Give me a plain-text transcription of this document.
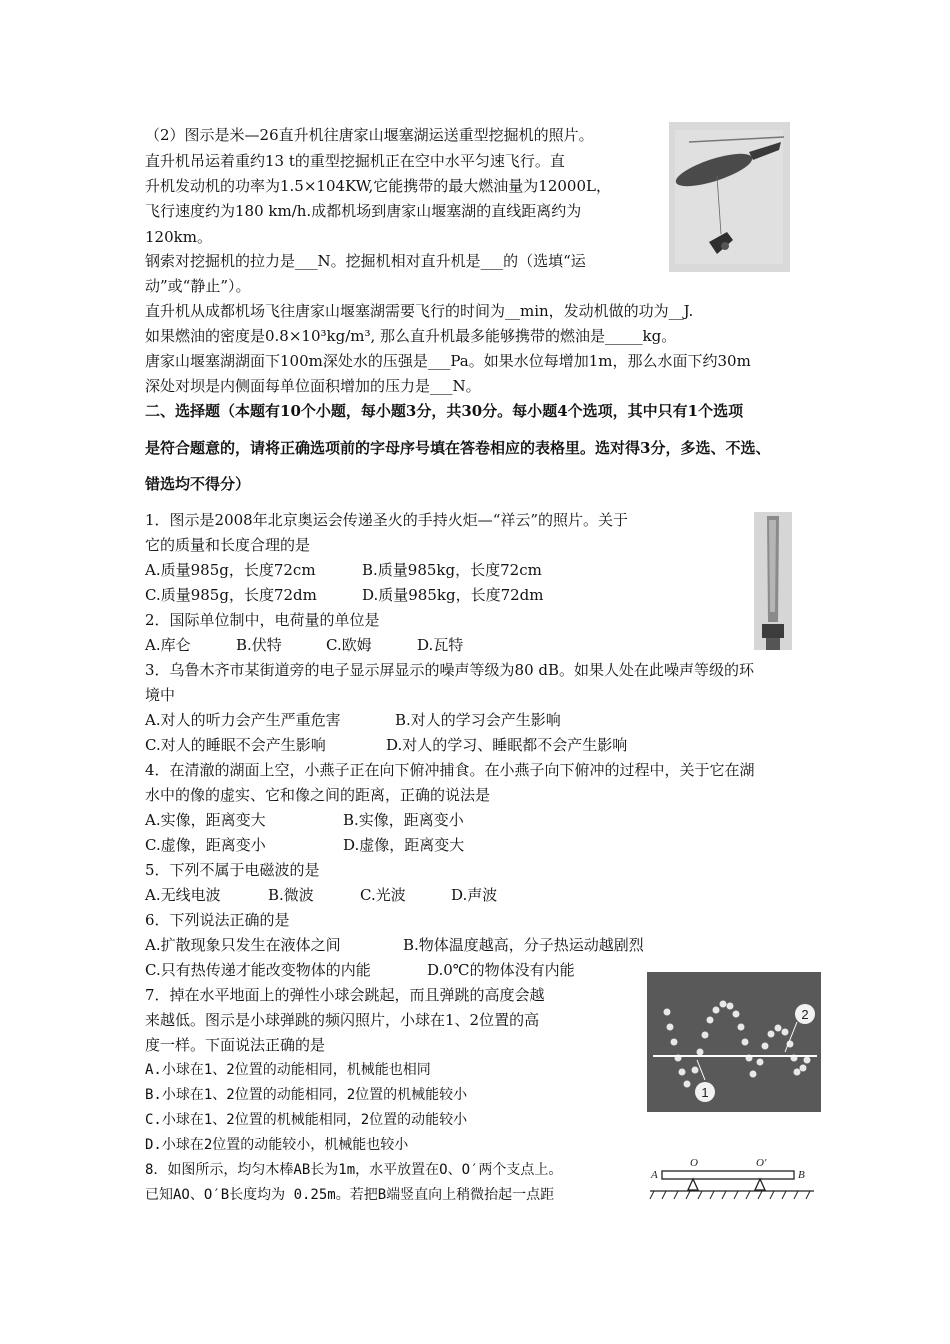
（2）图示是米—26直升机往唐家山堰塞湖运送重型挖掘机的照片。
直升机吊运着重约13 t的重型挖掘机正在空中水平匀速飞行。直
升机发动机的功率为1.5×104KW,它能携带的最大燃油量为12000L，
飞行速度约为180 km/h.成都机场到唐家山堰塞湖的直线距离约为
120km。
钢索对挖掘机的拉力是___N。挖掘机相对直升机是___的（选填“运
动”或“静止”）。
直升机从成都机场飞往唐家山堰塞湖需要飞行的时间为__min，发动机做的功为__J.
如果燃油的密度是0.8×10³kg/m³, 那么直升机最多能够携带的燃油是_____kg。
唐家山堰塞湖湖面下100m深处水的压强是___Pa。如果水位每增加1m，那么水面下约30m
深处对坝是内侧面每单位面积增加的压力是___N。
二、选择题（本题有10个小题，每小题3分，共30分。每小题4个选项，其中只有1个选项
是符合题意的，请将正确选项前的字母序号填在答卷相应的表格里。选对得3分，多选、不选、
错选均不得分）
1．图示是2008年北京奥运会传递圣火的手持火炬—“祥云”的照片。关于
它的质量和长度合理的是
A.质量985g，长度72cm	B.质量985kg，长度72cm
C.质量985g，长度72dm	D.质量985kg，长度72dm
2．国际单位制中，电荷量的单位是
A.库仑	B.伏特	C.欧姆	D.瓦特
3．乌鲁木齐市某街道旁的电子显示屏显示的噪声等级为80 dB。如果人处在此噪声等级的环
境中
A.对人的听力会产生严重危害	B.对人的学习会产生影响
C.对人的睡眠不会产生影响	D.对人的学习、睡眠都不会产生影响
4．在清澈的湖面上空，小燕子正在向下俯冲捕食。在小燕子向下俯冲的过程中，关于它在湖
水中的像的虚实、它和像之间的距离，正确的说法是
A.实像，距离变大	B.实像，距离变小
C.虚像，距离变小	D.虚像，距离变大
5．下列不属于电磁波的是
A.无线电波	B.微波	C.光波	D.声波
6．下列说法正确的是
A.扩散现象只发生在液体之间	B.物体温度越高，分子热运动越剧烈
C.只有热传递才能改变物体的内能	D.0℃的物体没有内能
7．掉在水平地面上的弹性小球会跳起，而且弹跳的高度会越
来越低。图示是小球弹跳的频闪照片，小球在1、2位置的高
度一样。下面说法正确的是
A.小球在1、2位置的动能相同，机械能也相同
B.小球在1、2位置的动能相同，2位置的机械能较小
C.小球在1、2位置的机械能相同，2位置的动能较小
D.小球在2位置的动能较小，机械能也较小
1
2
8．如图所示，均匀木棒AB长为1m，水平放置在O、O′两个支点上。
已知AO、O′B长度均为 0.25m。若把B端竖直向上稍微抬起一点距
A
O	O′
B
